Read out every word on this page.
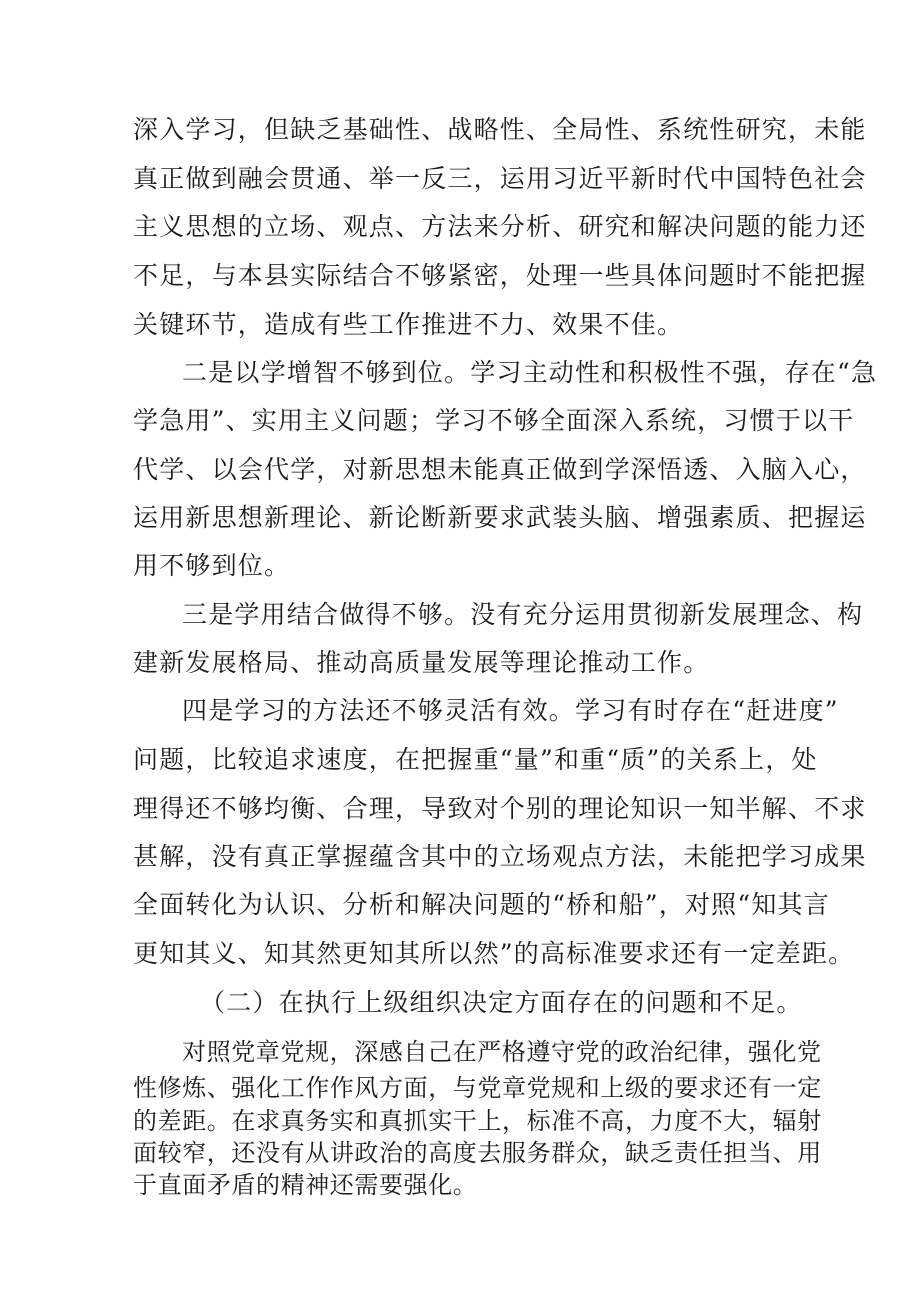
深入学习，但缺乏基础性、战略性、全局性、系统性研究，未能
真正做到融会贯通、举一反三，运用习近平新时代中国特色社会
主义思想的立场、观点、方法来分析、研究和解决问题的能力还
不足，与本县实际结合不够紧密，处理一些具体问题时不能把握
关键环节，造成有些工作推进不力、效果不佳。
二是以学增智不够到位。学习主动性和积极性不强，存在“急
学急用”、实用主义问题；学习不够全面深入系统，习惯于以干
代学、以会代学，对新思想未能真正做到学深悟透、入脑入心，
运用新思想新理论、新论断新要求武装头脑、增强素质、把握运
用不够到位。
三是学用结合做得不够。没有充分运用贯彻新发展理念、构
建新发展格局、推动高质量发展等理论推动工作。
四是学习的方法还不够灵活有效。学习有时存在“赶进度”
问题，比较追求速度，在把握重“量”和重“质”的关系上，处
理得还不够均衡、合理，导致对个别的理论知识一知半解、不求
甚解，没有真正掌握蕴含其中的立场观点方法，未能把学习成果
全面转化为认识、分析和解决问题的“桥和船”，对照“知其言
更知其义、知其然更知其所以然”的高标准要求还有一定差距。
（二）在执行上级组织决定方面存在的问题和不足。
对照党章党规，深感自己在严格遵守党的政治纪律，强化党
性修炼、强化工作作风方面，与党章党规和上级的要求还有一定
的差距。在求真务实和真抓实干上，标准不高，力度不大，辐射
面较窄，还没有从讲政治的高度去服务群众，缺乏责任担当、用
于直面矛盾的精神还需要强化。
